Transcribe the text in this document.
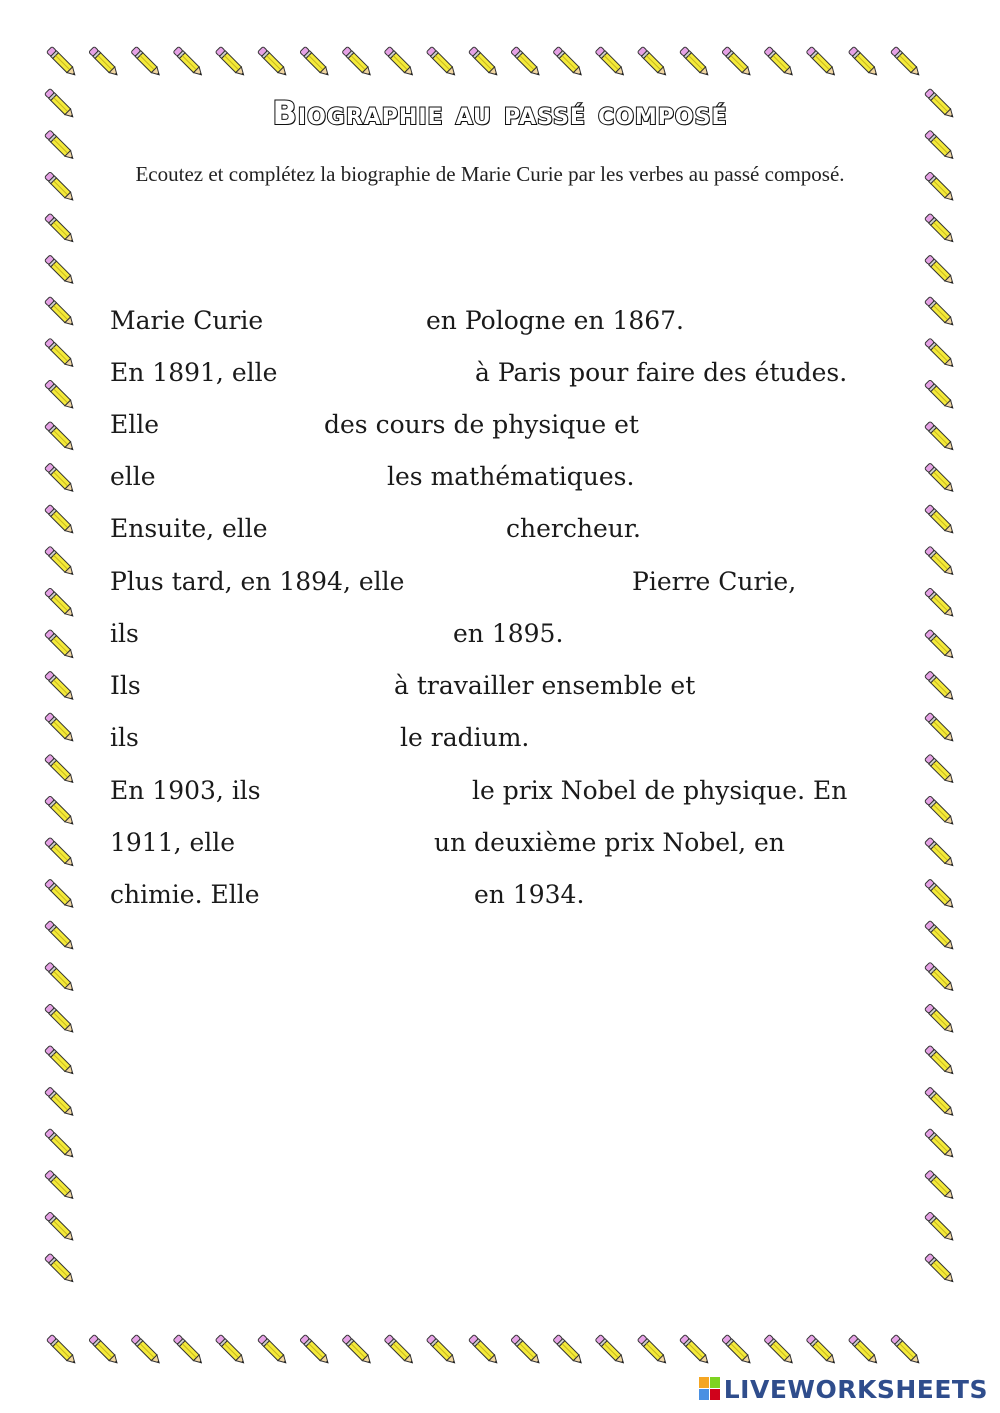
Biographie au passé composé
Ecoutez et complétez la biographie de Marie Curie par les verbes au passé composé.
Marie Curie	en Pologne en 1867.
En 1891, elle	à Paris pour faire des études.
Elle	des cours de physique et
elle	les mathématiques.
Ensuite, elle	chercheur.
Plus tard, en 1894, elle	Pierre Curie,
ils	en 1895.
Ils	à travailler ensemble et
ils	le radium.
En 1903, ils	le prix Nobel de physique. En
1911, elle	un deuxième prix Nobel, en
chimie. Elle	en 1934.
LIVEWORKSHEETS
